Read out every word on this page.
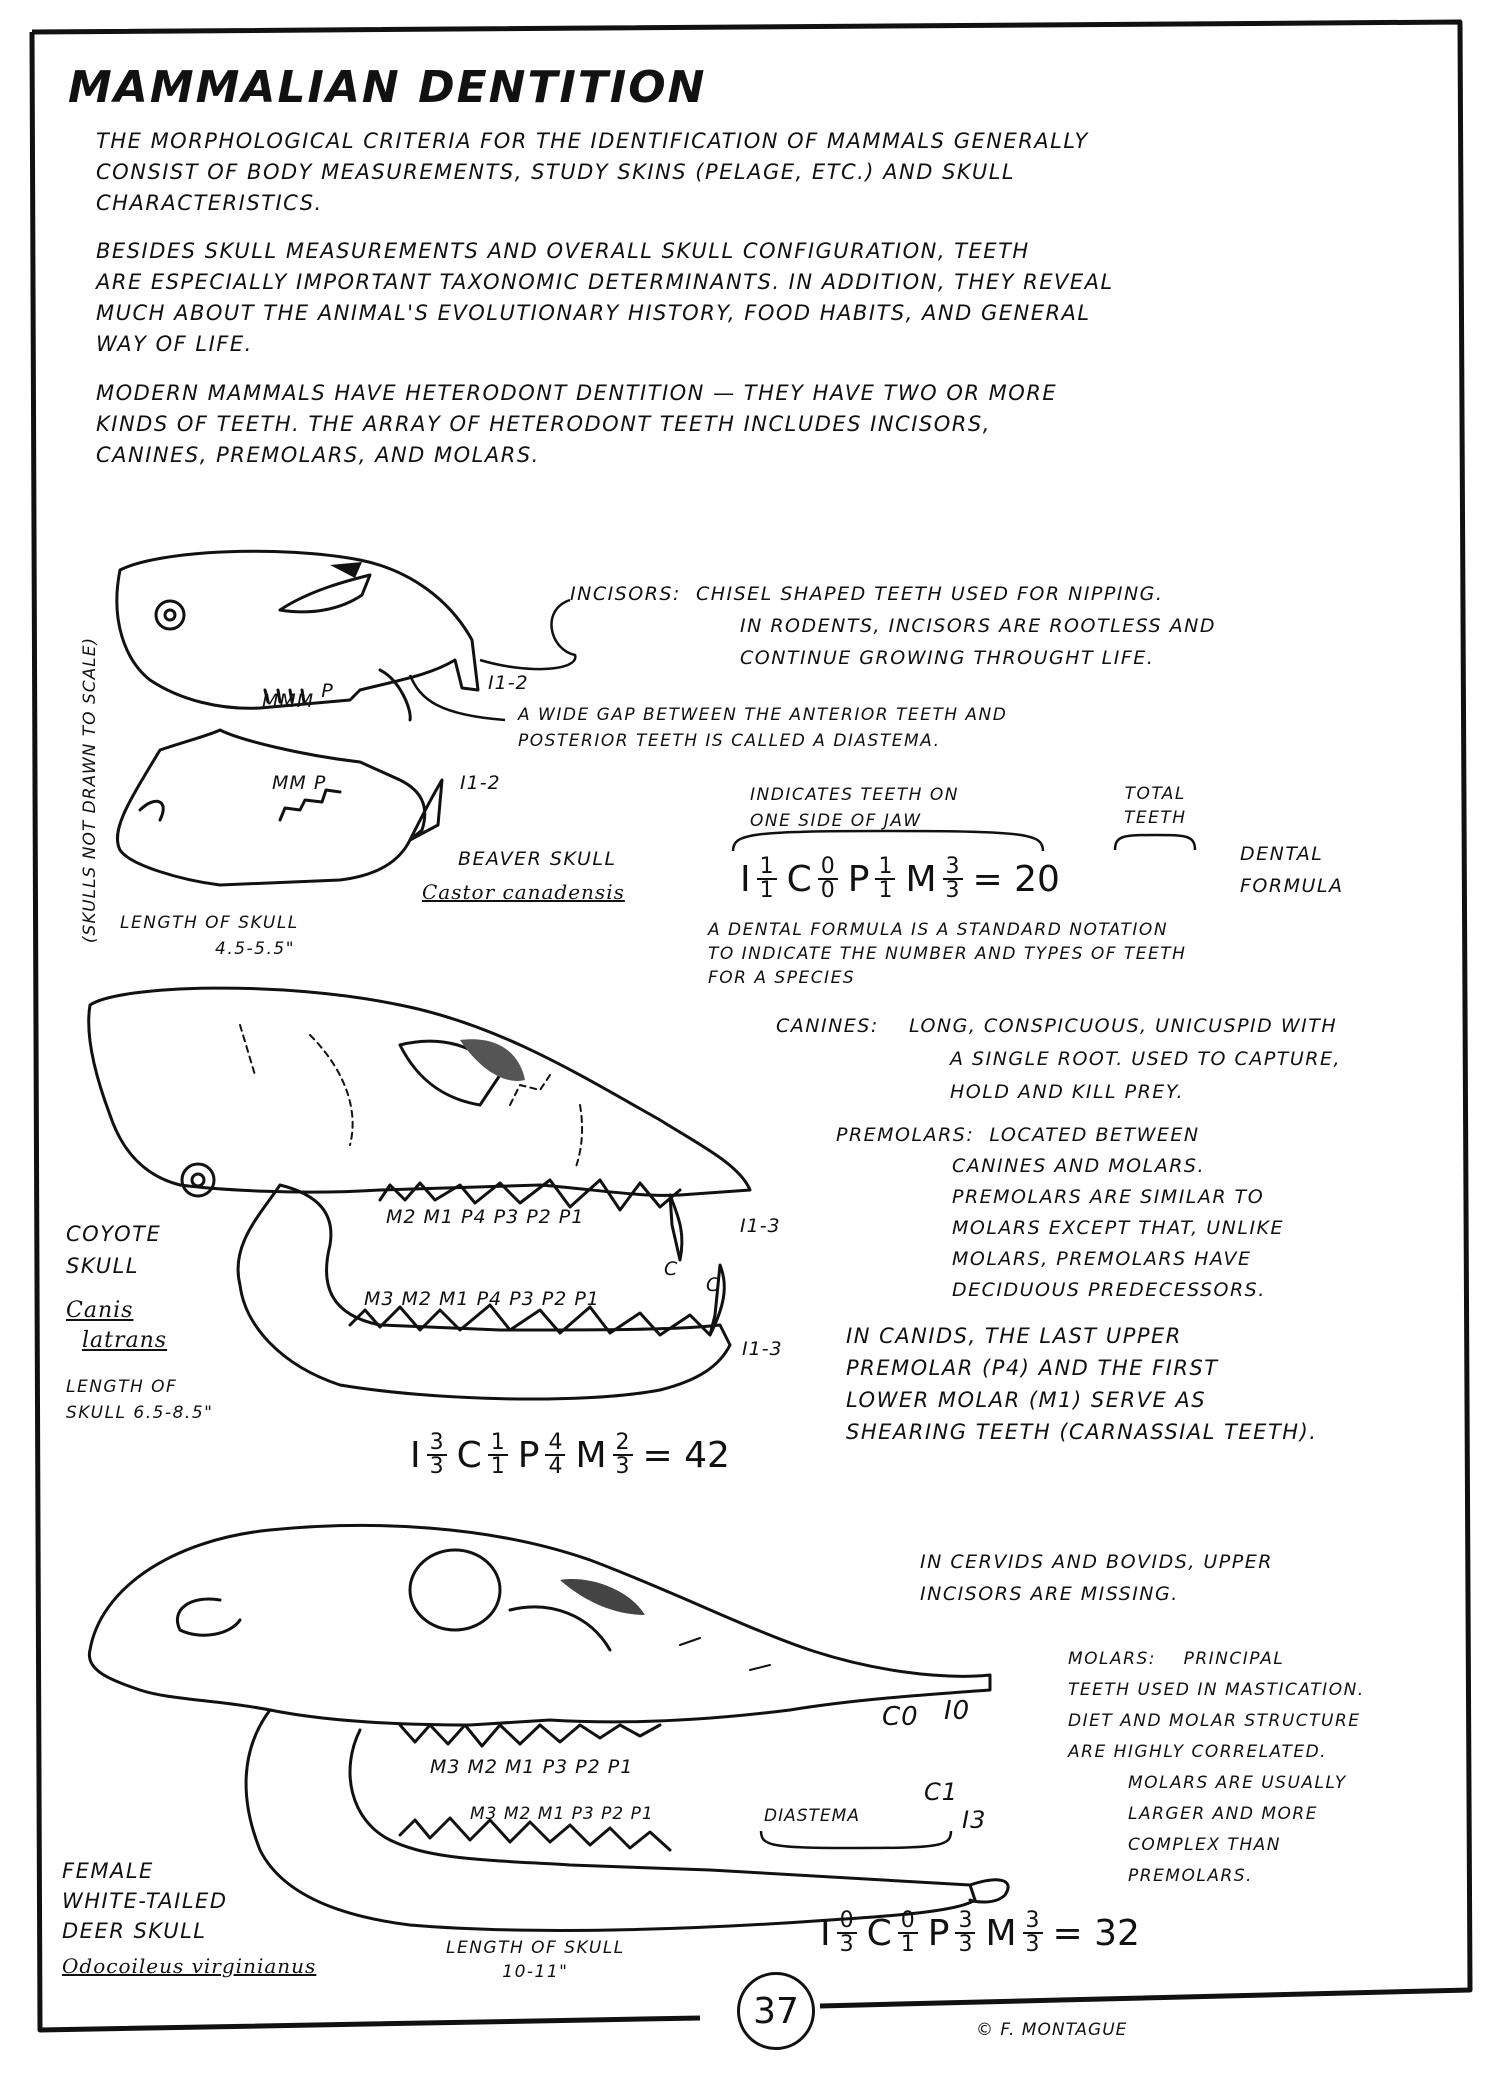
MAMMALIAN DENTITION
THE MORPHOLOGICAL CRITERIA FOR THE IDENTIFICATION OF MAMMALS GENERALLY
CONSIST OF BODY MEASUREMENTS, STUDY SKINS (PELAGE, ETC.) AND SKULL
CHARACTERISTICS.
BESIDES SKULL MEASUREMENTS AND OVERALL SKULL CONFIGURATION, TEETH
ARE ESPECIALLY IMPORTANT TAXONOMIC DETERMINANTS. IN ADDITION, THEY REVEAL
MUCH ABOUT THE ANIMAL'S EVOLUTIONARY HISTORY, FOOD HABITS, AND GENERAL
WAY OF LIFE.
MODERN MAMMALS HAVE HETERODONT DENTITION — THEY HAVE TWO OR MORE
KINDS OF TEETH. THE ARRAY OF HETERODONT TEETH INCLUDES INCISORS,
CANINES, PREMOLARS, AND MOLARS.
(SKULLS NOT DRAWN TO SCALE)	MMM P	I1-2
MM P	I1-2
INCISORS: CHISEL SHAPED TEETH USED FOR NIPPING.
IN RODENTS, INCISORS ARE ROOTLESS AND
CONTINUE GROWING THROUGHT LIFE.
A WIDE GAP BETWEEN THE ANTERIOR TEETH AND
POSTERIOR TEETH IS CALLED A DIASTEMA.
BEAVER SKULL
Castor canadensis
LENGTH OF SKULL
4.5-5.5"
INDICATES TEETH ON
ONE SIDE OF JAW
TOTAL
TEETH
I $\frac{1}{1}$ C $\frac{0}{0}$ P $\frac{1}{1}$ M $\frac{3}{3} = 20$
DENTAL
FORMULA
A DENTAL FORMULA IS A STANDARD NOTATION
TO INDICATE THE NUMBER AND TYPES OF TEETH
FOR A SPECIES
M2 M1 P4 P3 P2 P1	I1-3
C
M3 M2 M1 P4 P3 P2 P1
C
I1-3
CANINES: LONG, CONSPICUOUS, UNICUSPID WITH
A SINGLE ROOT. USED TO CAPTURE,
HOLD AND KILL PREY.
PREMOLARS: LOCATED BETWEEN
CANINES AND MOLARS.
PREMOLARS ARE SIMILAR TO
MOLARS EXCEPT THAT, UNLIKE
MOLARS, PREMOLARS HAVE
DECIDUOUS PREDECESSORS.
IN CANIDS, THE LAST UPPER
PREMOLAR (P4) AND THE FIRST
LOWER MOLAR (M1) SERVE AS
SHEARING TEETH (CARNASSIAL TEETH).
COYOTE
SKULL
Canis
latrans
LENGTH OF
SKULL 6.5-8.5"
I $\frac{3}{3}$ C $\frac{1}{1}$ P $\frac{4}{4}$ M $\frac{2}{3} = 42$
IN CERVIDS AND BOVIDS, UPPER
INCISORS ARE MISSING.
MOLARS: PRINCIPAL
TEETH USED IN MASTICATION.
DIET AND MOLAR STRUCTURE
ARE HIGHLY CORRELATED.
MOLARS ARE USUALLY
LARGER AND MORE
COMPLEX THAN
PREMOLARS.
C0 I0
M3 M2 M1 P3 P2 P1
M3 M2 M1 P3 P2 P1	DIASTEMA
C1
I3
FEMALE
WHITE-TAILED
DEER SKULL
Odocoileus virginianus
LENGTH OF SKULL
10-11"
I $\frac{0}{3}$ C $\frac{0}{1}$ P $\frac{3}{3}$ M $\frac{3}{3} = 32$
37	© F. MONTAGUE
